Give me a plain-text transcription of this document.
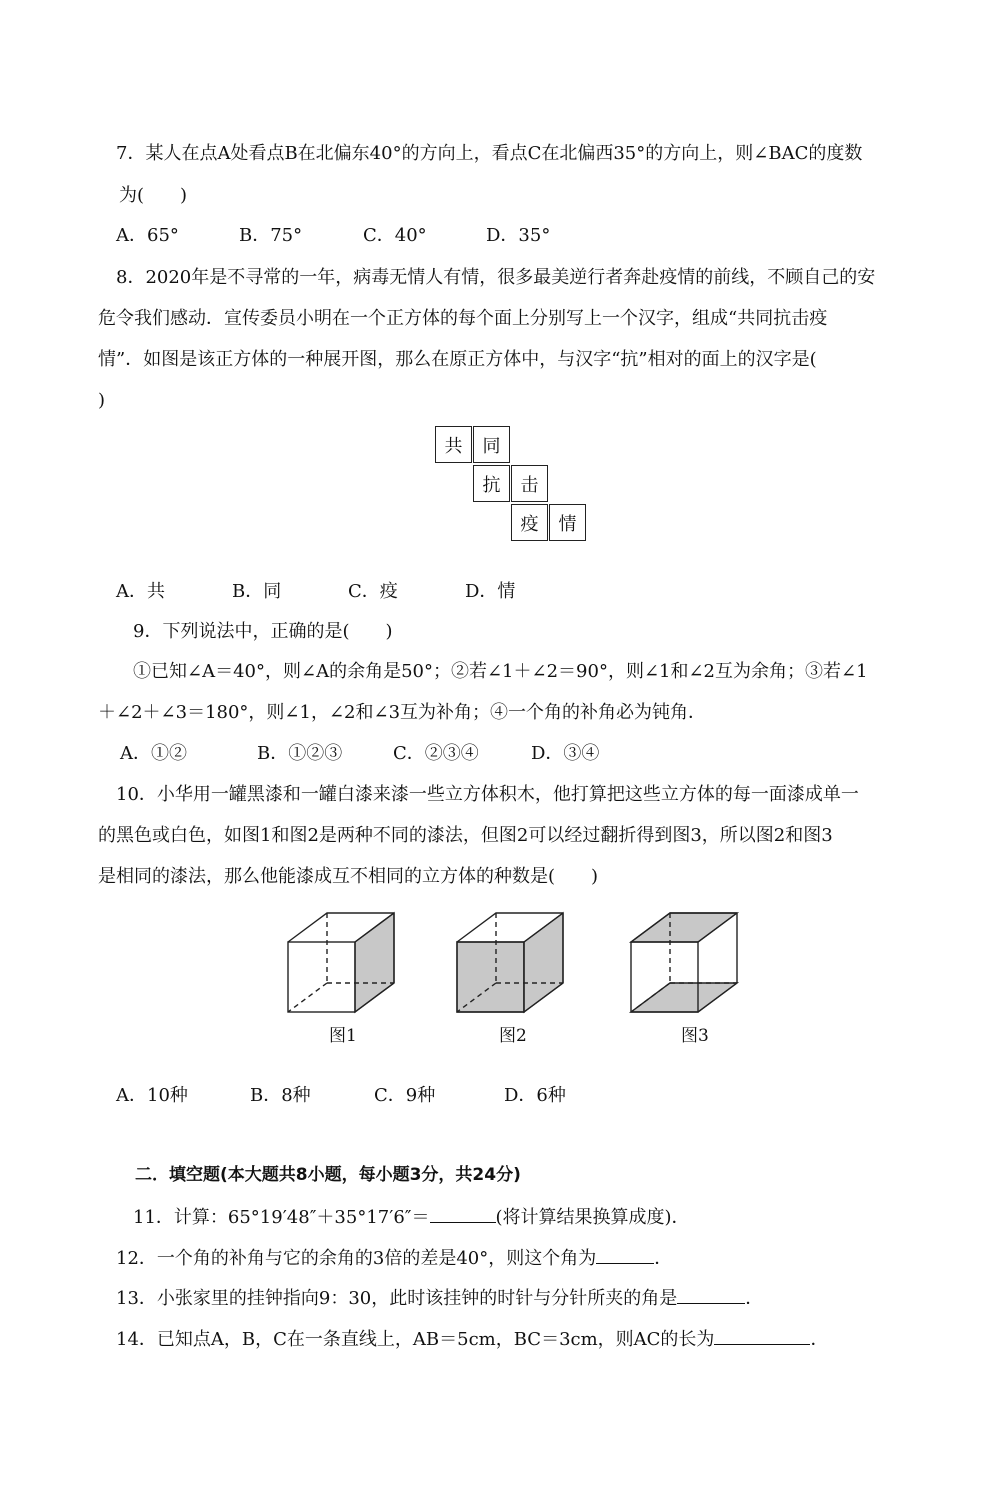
7．某人在点A处看点B在北偏东40°的方向上，看点C在北偏西35°的方向上，则∠BAC的度数
为(　　)
A．65°	B．75°	C．40°	D．35°
8．2020年是不寻常的一年，病毒无情人有情，很多最美逆行者奔赴疫情的前线，不顾自己的安
危令我们感动．宣传委员小明在一个正方体的每个面上分别写上一个汉字，组成“共同抗击疫
情”．如图是该正方体的一种展开图，那么在原正方体中，与汉字“抗”相对的面上的汉字是(
)
共	同
抗	击
疫	情
A．共	B．同	C．疫	D．情
9．下列说法中，正确的是(　　)
①已知∠A＝40°，则∠A的余角是50°；②若∠1＋∠2＝90°，则∠1和∠2互为余角；③若∠1
＋∠2＋∠3＝180°，则∠1，∠2和∠3互为补角；④一个角的补角必为钝角．
A．①②	B．①②③	C．②③④	D．③④
10．小华用一罐黑漆和一罐白漆来漆一些立方体积木，他打算把这些立方体的每一面漆成单一
的黑色或白色，如图1和图2是两种不同的漆法，但图2可以经过翻折得到图3，所以图2和图3
是相同的漆法，那么他能漆成互不相同的立方体的种数是(　　)
图1	图2	图3
A．10种	B．8种	C．9种	D．6种
二．填空题(本大题共8小题，每小题3分，共24分)
11．计算：65°19′48″＋35°17′6″＝	(将计算结果换算成度)．
12．一个角的补角与它的余角的3倍的差是40°，则这个角为	．
13．小张家里的挂钟指向9：30，此时该挂钟的时针与分针所夹的角是	．
14．已知点A，B，C在一条直线上，AB＝5cm，BC＝3cm，则AC的长为	．
